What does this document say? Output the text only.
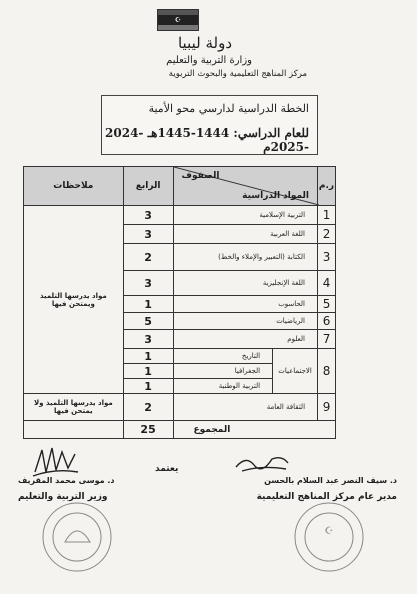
☪
دولة ليبيا
وزارة التربية والتعليم
مركز المناهج التعليمية والبحوث التربوية
الخطة الدراسية لدارسي محو الأمية
للعام الدراسي: 1444-1445هـ -2024 -2025م
ر.م	الصفوف
المواد الدراسية		الرابع	ملاحظات
1	التربية الإسلامية		3	مواد يدرسها التلميذ ويمتحن فيها
2	اللغة العربية		3	
3	الكتابة (التعبير والإملاء والخط)		2	
4	اللغة الإنجليزية		3	
5	الحاسوب		1	
6	الرياضيات		5	
7	العلوم		3	
8	الاجتماعيات	التاريخ	1	
		الجغرافيا	1	
		التربية الوطنية	1	
9	الثقافة العامة		2	مواد يدرسها التلميذ ولا يمتحن فيها
المجموع			25	
يعتمد
د. موسى محمد المقريف
وزير التربية والتعليم
د. سيف النصر عبد السلام بالحسن
مدير عام مركز المناهج التعليمية
☪
